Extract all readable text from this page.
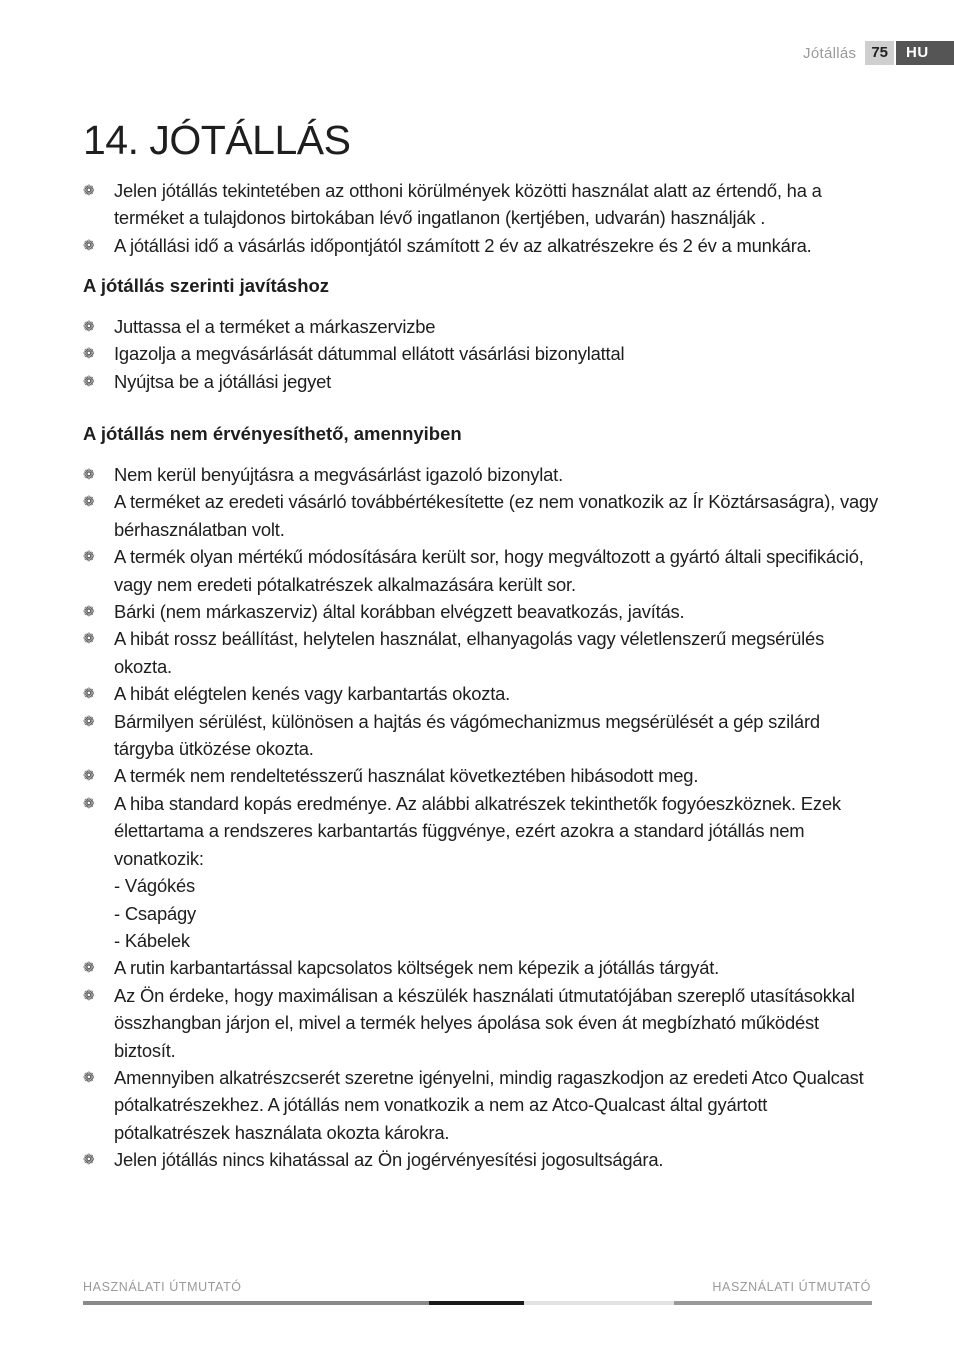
Jótállás	75	HU
14. JÓTÁLLÁS
❁ Jelen jótállás tekintetében az otthoni körülmények közötti használat alatt az értendő, ha a terméket a tulajdonos birtokában lévő ingatlanon (kertjében, udvarán) használják .
❁ A jótállási idő a vásárlás időpontjától számított 2 év az alkatrészekre és 2 év a munkára.
A jótállás szerinti javításhoz
❁ Juttassa el a terméket a márkaszervizbe
❁ Igazolja a megvásárlását dátummal ellátott vásárlási bizonylattal
❁ Nyújtsa be a jótállási jegyet
A jótállás nem érvényesíthető, amennyiben
❁ Nem kerül benyújtásra a megvásárlást igazoló bizonylat.
❁ A terméket az eredeti vásárló továbbértékesítette (ez nem vonatkozik az Ír Köztársaságra), vagy bérhasználatban volt.
❁ A termék olyan mértékű módosítására került sor, hogy megváltozott a gyártó általi specifikáció, vagy nem eredeti pótalkatrészek alkalmazására került sor.
❁ Bárki (nem márkaszerviz) által korábban elvégzett beavatkozás, javítás.
❁ A hibát rossz beállítást, helytelen használat, elhanyagolás vagy véletlenszerű megsérülés okozta.
❁ A hibát elégtelen kenés vagy karbantartás okozta.
❁ Bármilyen sérülést, különösen a hajtás és vágómechanizmus megsérülését a gép szilárd tárgyba ütközése okozta.
❁ A termék nem rendeltetésszerű használat következtében hibásodott meg.
❁ A hiba standard kopás eredménye. Az alábbi alkatrészek tekinthetők fogyóeszköznek. Ezek élettartama a rendszeres karbantartás függvénye, ezért azokra a standard jótállás nem vonatkozik:
- Vágókés
- Csapágy
- Kábelek
❁ A rutin karbantartással kapcsolatos költségek nem képezik a jótállás tárgyát.
❁ Az Ön érdeke, hogy maximálisan a készülék használati útmutatójában szereplő utasításokkal összhangban járjon el, mivel a termék helyes ápolása sok éven át megbízható működést biztosít.
❁ Amennyiben alkatrészcserét szeretne igényelni, mindig ragaszkodjon az eredeti Atco Qualcast pótalkatrészekhez. A jótállás nem vonatkozik a nem az Atco-Qualcast által gyártott pótalkatrészek használata okozta károkra.
❁ Jelen jótállás nincs kihatással az Ön jogérvényesítési jogosultságára.
HASZNÁLATI ÚTMUTATÓ	HASZNÁLATI ÚTMUTATÓ
